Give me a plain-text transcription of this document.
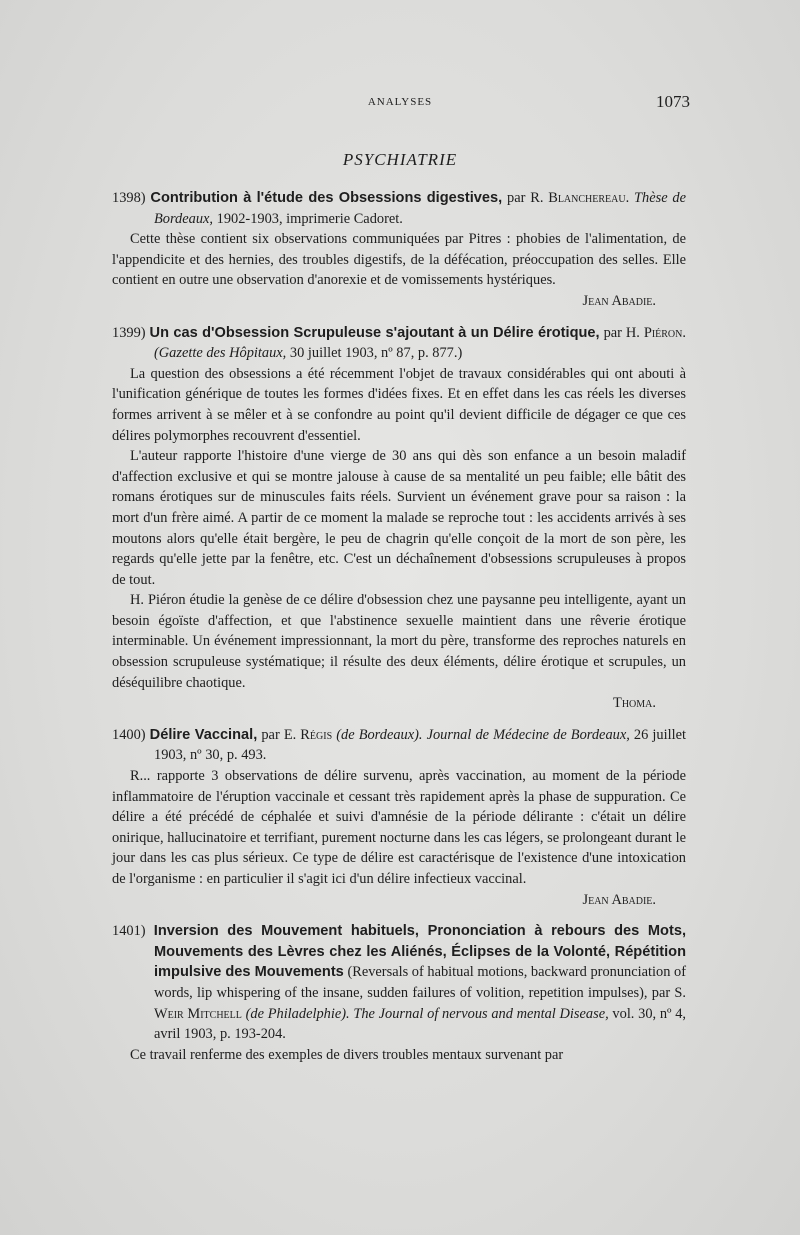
ANALYSES	1073
PSYCHIATRIE

1398) Contribution à l'étude des Obsessions digestives, par R. Blanchereau. Thèse de Bordeaux, 1902-1903, imprimerie Cadoret.

Cette thèse contient six observations communiquées par Pitres : phobies de l'alimentation, de l'appendicite et des hernies, des troubles digestifs, de la défécation, préoccupation des selles. Elle contient en outre une observation d'anorexie et de vomissements hystériques.

Jean Abadie.

1399) Un cas d'Obsession Scrupuleuse s'ajoutant à un Délire érotique, par H. Piéron. (Gazette des Hôpitaux, 30 juillet 1903, nº 87, p. 877.)

La question des obsessions a été récemment l'objet de travaux considérables qui ont abouti à l'unification générique de toutes les formes d'idées fixes. Et en effet dans les cas réels les diverses formes arrivent à se mêler et à se confondre au point qu'il devient difficile de dégager ce que ces délires polymorphes recouvrent d'essentiel.

L'auteur rapporte l'histoire d'une vierge de 30 ans qui dès son enfance a un besoin maladif d'affection exclusive et qui se montre jalouse à cause de sa mentalité un peu faible; elle bâtit des romans érotiques sur de minuscules faits réels. Survient un événement grave pour sa raison : la mort d'un frère aimé. A partir de ce moment la malade se reproche tout : les accidents arrivés à ses moutons alors qu'elle était bergère, le peu de chagrin qu'elle conçoit de la mort de son père, les regards qu'elle jette par la fenêtre, etc. C'est un déchaînement d'obsessions scrupuleuses à propos de tout.

H. Piéron étudie la genèse de ce délire d'obsession chez une paysanne peu intelligente, ayant un besoin égoïste d'affection, et que l'abstinence sexuelle maintient dans une rêverie érotique interminable. Un événement impressionnant, la mort du père, transforme des reproches naturels en obsession scrupuleuse systématique; il résulte des deux éléments, délire érotique et scrupules, un déséquilibre chaotique.

Thoma.

1400) Délire Vaccinal, par E. Régis (de Bordeaux). Journal de Médecine de Bordeaux, 26 juillet 1903, nº 30, p. 493.

R... rapporte 3 observations de délire survenu, après vaccination, au moment de la période inflammatoire de l'éruption vaccinale et cessant très rapidement après la phase de suppuration. Ce délire a été précédé de céphalée et suivi d'amnésie de la période délirante : c'était un délire onirique, hallucinatoire et terrifiant, purement nocturne dans les cas légers, se prolongeant durant le jour dans les cas plus sérieux. Ce type de délire est caractérisque de l'existence d'une intoxication de l'organisme : en particulier il s'agit ici d'un délire infectieux vaccinal.

Jean Abadie.

1401) Inversion des Mouvement habituels, Prononciation à rebours des Mots, Mouvements des Lèvres chez les Aliénés, Éclipses de la Volonté, Répétition impulsive des Mouvements (Reversals of habitual motions, backward pronunciation of words, lip whispering of the insane, sudden failures of volition, repetition impulses), par S. Weir Mitchell (de Philadelphie). The Journal of nervous and mental Disease, vol. 30, nº 4, avril 1903, p. 193-204.

Ce travail renferme des exemples de divers troubles mentaux survenant par
